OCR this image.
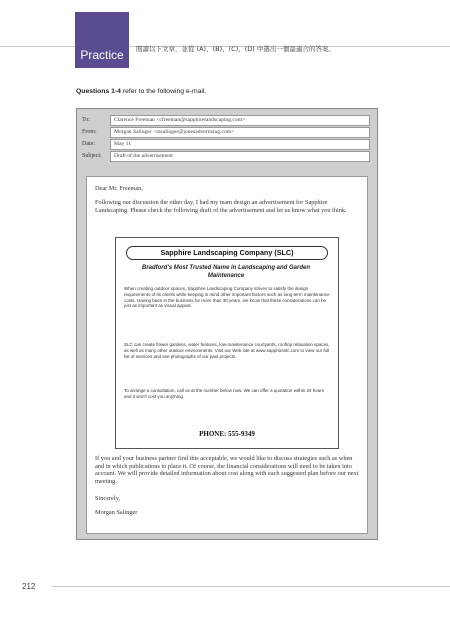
Practice	閱讀以下文章，並從 (A)、(B)、(C)、(D) 中選出一個最適合的答案。
Questions 1-4 refer to the following e-mail.
To:	Clarence Freeman <cfreeman@sapphirelandscaping.com>
From:	Morgan Salinger <msalinger@jonesadvertising.com>
Date:	May 11
Subject:	Draft of the advertisement
Dear Mr. Freeman,
Following our discussion the other day, I had my team design an advertisement for Sapphire Landscaping. Please check the following draft of the advertisement and let us know what you think.
Sapphire Landscaping Company (SLC)
Bradford's Most Trusted Name in Landscaping and Garden Maintenance
When creating outdoor spaces, Sapphire Landscaping Company strives to satisfy the design requirements of its clients while keeping in mind other important factors such as long-term maintenance costs. Having been in the business for more than 30 years, we know that these considerations can be just as important as visual appeal.
SLC can create flower gardens, water features, low-maintenance courtyards, rooftop relaxation spaces, as well as many other outdoor environments. Visit our Web site at www.sapphireslc.com to view our full list of services and see photographs of our past projects.
To arrange a consultation, call us at the number below now. We can offer a quotation within 24 hours and it won't cost you anything.
PHONE: 555-9349
If you and your business partner find this acceptable, we would like to discuss strategies such as when and in which publications to place it. Of course, the financial considerations will need to be taken into account. We will provide detailed information about cost along with each suggested plan before our next meeting.
Sincerely,
Morgan Salinger
212
